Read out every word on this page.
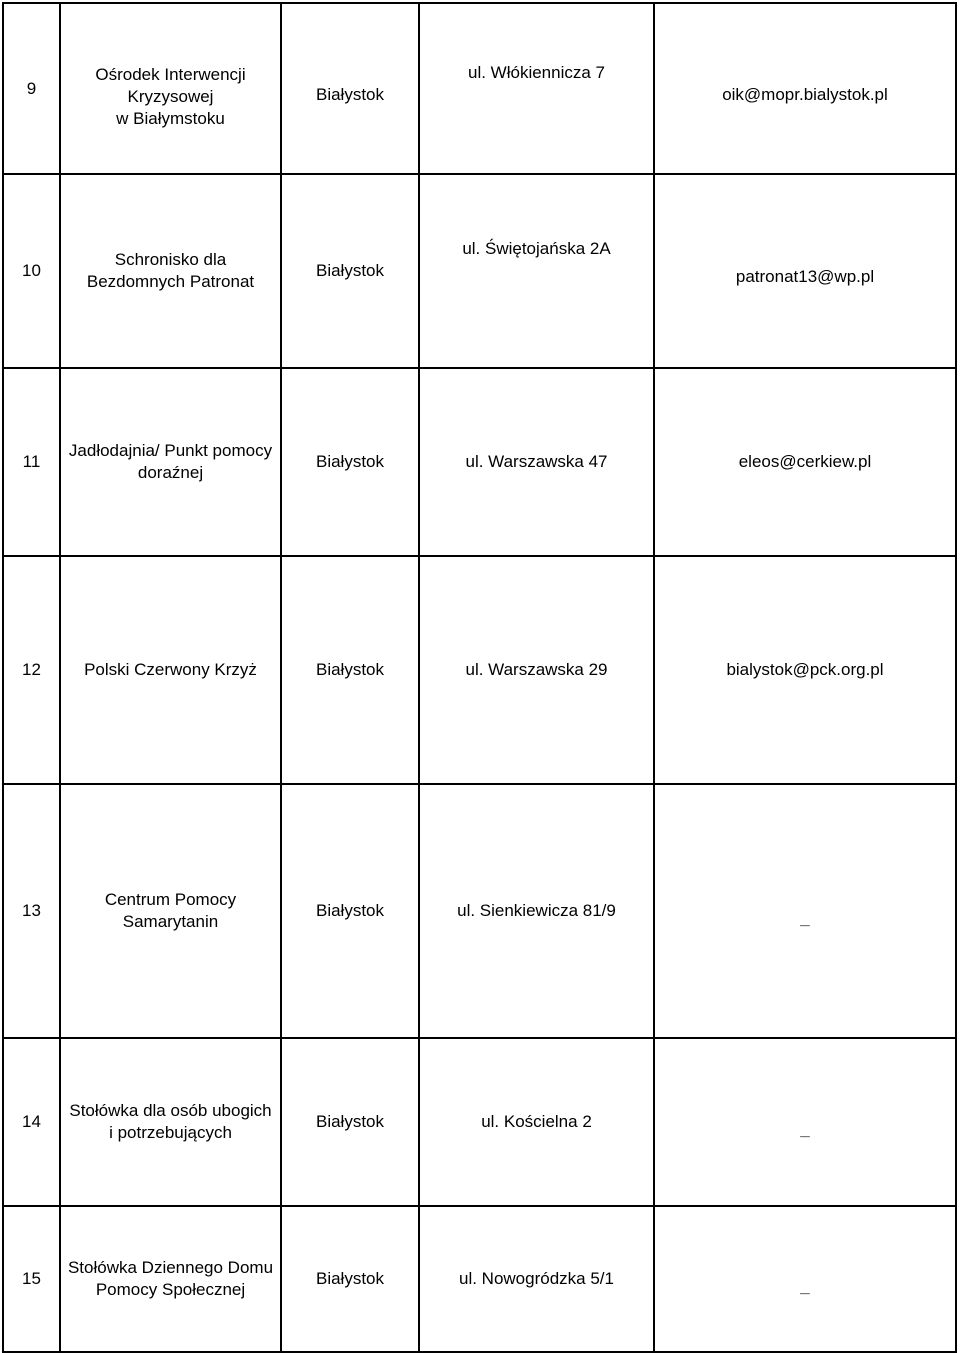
9	Ośrodek Interwencji
Kryzysowej
w Białymstoku	Białystok	ul. Włókiennicza 7	oik@mopr.bialystok.pl
10	Schronisko dla
Bezdomnych Patronat	Białystok	ul. Świętojańska 2A	patronat13@wp.pl
11	Jadłodajnia/ Punkt pomocy
doraźnej	Białystok	ul. Warszawska 47	eleos@cerkiew.pl
12	Polski Czerwony Krzyż	Białystok	ul. Warszawska 29	bialystok@pck.org.pl
13	Centrum Pomocy
Samarytanin	Białystok	ul. Sienkiewicza 81/9	_
14	Stołówka dla osób ubogich
i potrzebujących	Białystok	ul. Kościelna 2	_
15	Stołówka Dziennego Domu
Pomocy Społecznej	Białystok	ul. Nowogródzka 5/1	_
